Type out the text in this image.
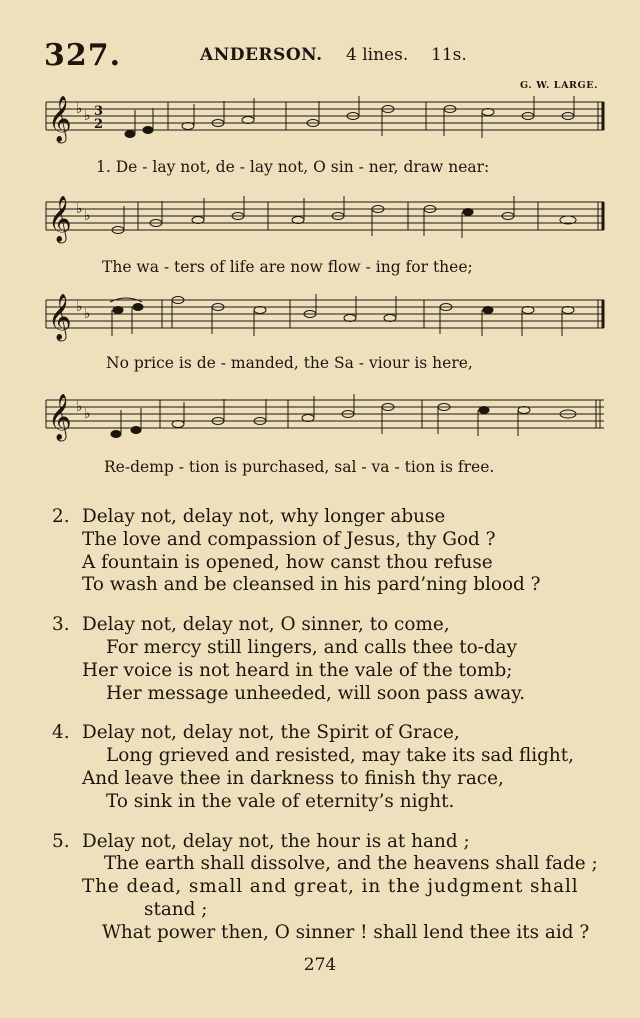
327.	ANDERSON. 4 lines. 11s.
G. W. LARGE.
𝄞 ♭ ♭ 3
2
1. De - lay not, de - lay not, O sin - ner, draw near:
𝄞 ♭ ♭
The wa - ters of life are now flow - ing for thee;
𝄞 ♭ ♭
No price is de - manded, the Sa - viour is here,
𝄞 ♭ ♭
Re-demp - tion is purchased, sal - va - tion is free.
2. Delay not, delay not, why longer abuse
The love and compassion of Jesus, thy God ?
A fountain is opened, how canst thou refuse
To wash and be cleansed in his pard’ning blood ?
3. Delay not, delay not, O sinner, to come,
For mercy still lingers, and calls thee to-day
Her voice is not heard in the vale of the tomb;
Her message unheeded, will soon pass away.
4. Delay not, delay not, the Spirit of Grace,
Long grieved and resisted, may take its sad flight,
And leave thee in darkness to finish thy race,
To sink in the vale of eternity’s night.
5. Delay not, delay not, the hour is at hand ;
The earth shall dissolve, and the heavens shall fade ;
The dead, small and great, in the judgment shall
stand ;
What power then, O sinner ! shall lend thee its aid ?
274
